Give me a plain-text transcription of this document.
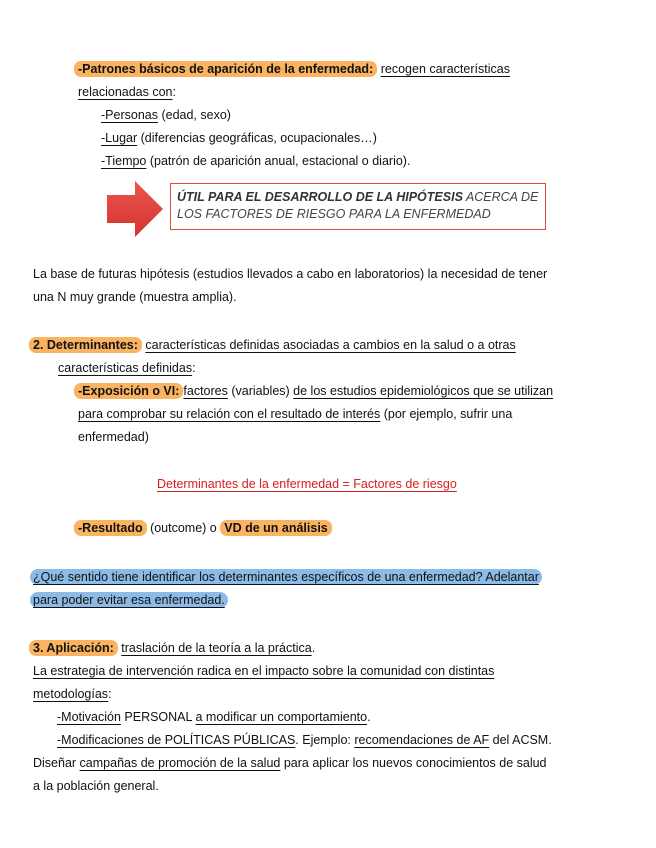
-Patrones básicos de aparición de la enfermedad: recogen características
relacionadas con:
-Personas (edad, sexo)
-Lugar (diferencias geográficas, ocupacionales…)
-Tiempo (patrón de aparición anual, estacional o diario).
ÚTIL PARA EL DESARROLLO DE LA HIPÓTESIS ACERCA DE
LOS FACTORES DE RIESGO PARA LA ENFERMEDAD
La base de futuras hipótesis (estudios llevados a cabo en laboratorios) la necesidad de tener
una N muy grande (muestra amplia).
2. Determinantes: características definidas asociadas a cambios en la salud o a otras
características definidas:
-Exposición o VI: factores (variables) de los estudios epidemiológicos que se utilizan
para comprobar su relación con el resultado de interés (por ejemplo, sufrir una
enfermedad)
Determinantes de la enfermedad = Factores de riesgo
-Resultado (outcome) o VD de un análisis
¿Qué sentido tiene identificar los determinantes específicos de una enfermedad? Adelantar
para poder evitar esa enfermedad.
3. Aplicación: traslación de la teoría a la práctica.
La estrategia de intervención radica en el impacto sobre la comunidad con distintas
metodologías:
-Motivación PERSONAL a modificar un comportamiento.
-Modificaciones de POLÍTICAS PÚBLICAS. Ejemplo: recomendaciones de AF del ACSM.
Diseñar campañas de promoción de la salud para aplicar los nuevos conocimientos de salud
a la población general.
